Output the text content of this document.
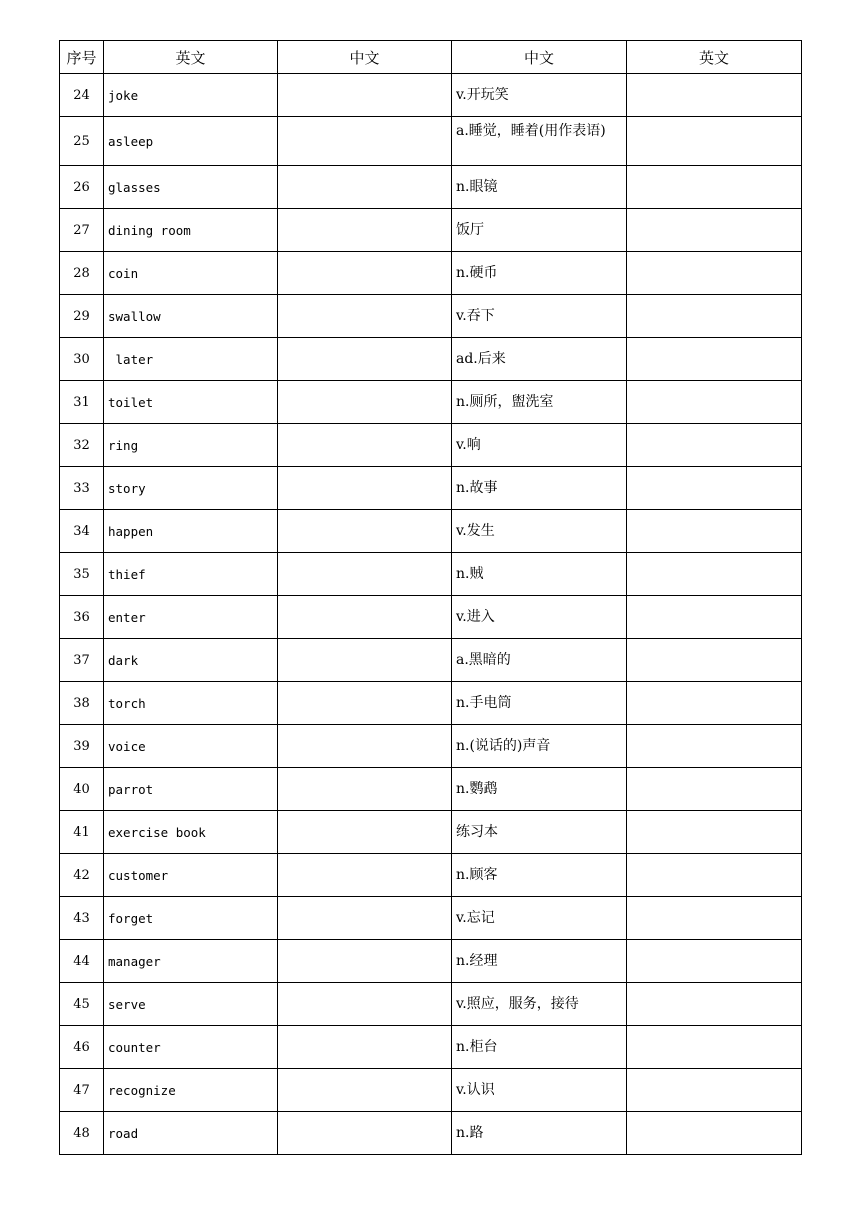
序号	英文	中文	中文	英文
24	joke		v.开玩笑	
25	asleep		a.睡觉，睡着(用作表语)	
26	glasses		n.眼镜	
27	dining room		饭厅	
28	coin		n.硬币	
29	swallow		v.吞下	
30	later		ad.后来	
31	toilet		n.厕所，盥洗室	
32	ring		v.响	
33	story		n.故事	
34	happen		v.发生	
35	thief		n.贼	
36	enter		v.进入	
37	dark		a.黑暗的	
38	torch		n.手电筒	
39	voice		n.(说话的)声音	
40	parrot		n.鹦鹉	
41	exercise book		练习本	
42	customer		n.顾客	
43	forget		v.忘记	
44	manager		n.经理	
45	serve		v.照应，服务，接待	
46	counter		n.柜台	
47	recognize		v.认识	
48	road		n.路	
